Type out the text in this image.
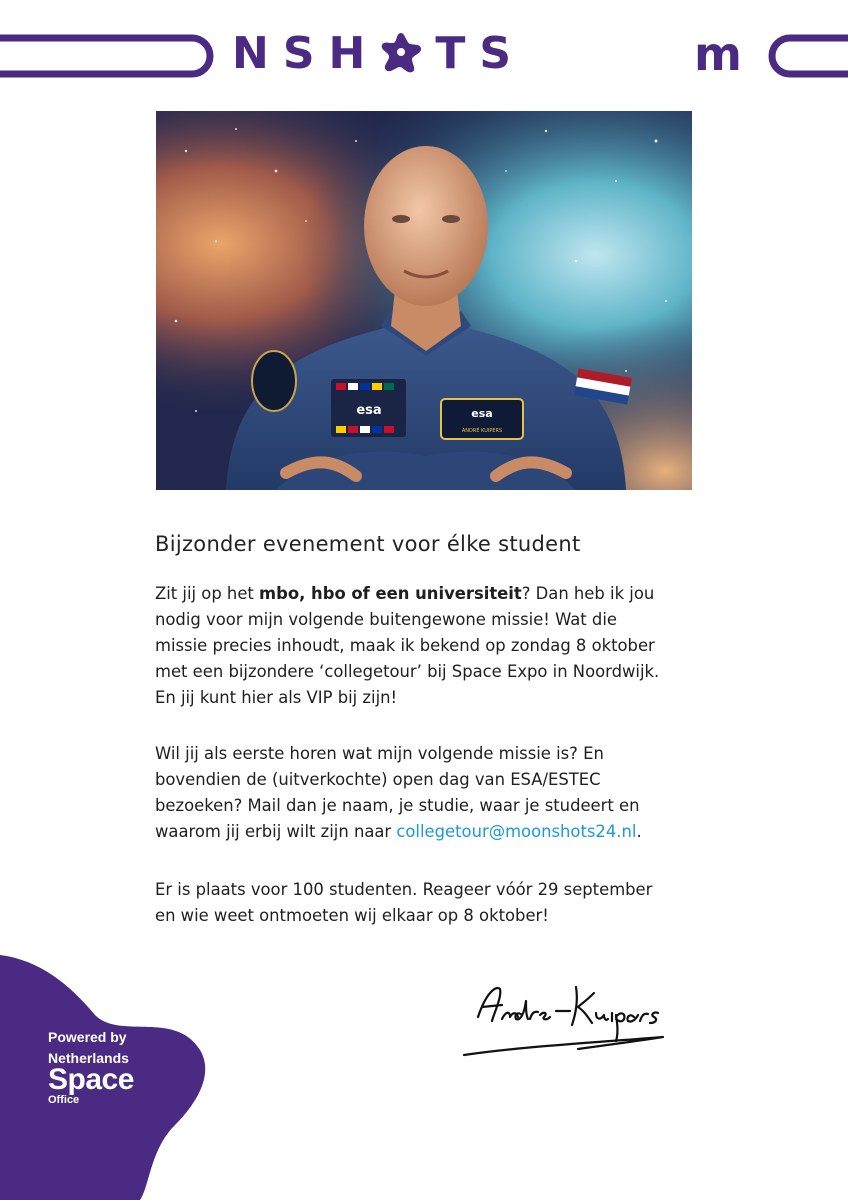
NSH TS	m
esa	esa
ANDRÉ KUIPERS
Bijzonder evenement voor élke student

Zit jij op het mbo, hbo of een universiteit? Dan heb ik jou
nodig voor mijn volgende buitengewone missie! Wat die
missie precies inhoudt, maak ik bekend op zondag 8 oktober
met een bijzondere ‘collegetour’ bij Space Expo in Noordwijk.
En jij kunt hier als VIP bij zijn!

Wil jij als eerste horen wat mijn volgende missie is? En
bovendien de (uitverkochte) open dag van ESA/ESTEC
bezoeken? Mail dan je naam, je studie, waar je studeert en
waarom jij erbij wilt zijn naar collegetour@moonshots24.nl.

Er is plaats voor 100 studenten. Reageer vóór 29 september
en wie weet ontmoeten wij elkaar op 8 oktober!

Powered by
Netherlands
Space
Office
André Kuipers
